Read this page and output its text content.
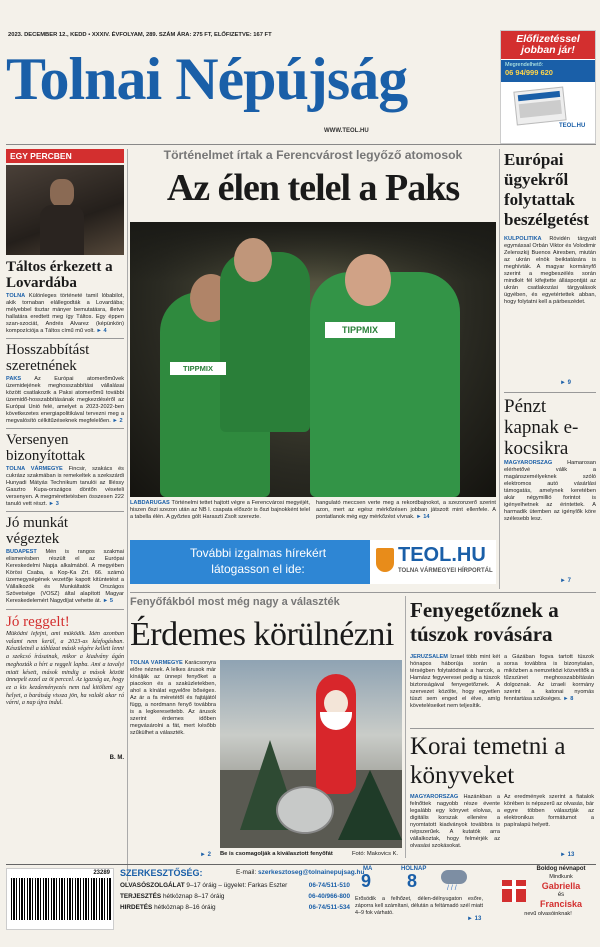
2023. DECEMBER 12., KEDD • XXXIV. ÉVFOLYAM, 289. SZÁM ÁRA: 275 FT, ELŐFIZETVE: 167 FT
Tolnai Népújság
WWW.TEOL.HU
Előfizetéssel
jobban jár!
Megrendelhető:
06 94/999 620
TEOL.HU
EGY PERCBEN
Táltos érkezett a Lovardába
TOLNA Különleges történeté tamil lóbabilot, akik tornaban elállegodták a Lovardába; mélyebbel tisztar mányer bemutatásra, illetve hallatára eredtett meg így Táltos. Egy éppen szan-szociát, Andrés Alvarez (képünkön) kompozíciója a Táltos című mű volt. ► 4
Hosszabbítást szeretnének
PAKS Az Európai atomerőművek üzemidejének meghosszabbítási vállalásai között csatlakozik a Paksi atomerőmű további üzemidő-hosszabbításának megkezdéséről az Európai Unió felé, amelyet a 2023-2022-ben következetes energiapolitikával tervezni meg a megvalósító célkitűzéseknek megfelelően. ► 2
Versenyen bizonyítottak
TOLNA VÁRMEGYE Fincsir, szakács és cukrász szakmában is remekeltek a szekszárdi Hunyadi Mátyás Technikum tanulói az Illéssy Gasztro Kupa-országos döntőn véseteli versenyen. A megmérettetésben összesen 222 tanuló vett részt. ► 3
Jó munkát végeztek
BUDAPEST Mén is rangos szakmai elismerésben részült el az Európai Kereskedelmi Napja alkalmából. A megyében Körösi Csaba, a Kop-Ka Zrt. 66. számú üzemegységének vezetője kapott kitüntetést a Vállalkozók és Munkáltatók Országos Szövetsége (VOSZ) által alapított Magyar Kereskedelemért Nagydíjat vehette át. ► 5
Jó reggelt!
Működni lefejni, ami működik. Idén azonban valami nem kerül, a 2023-as kézfogásban. Készületnél a táblázat másik végére kellett lenni a szekcsó írásainak, mikor a kiadvány ágán meghozták a hírt a reggeli lapba. Ami a tavalyi miatt késett, mások mindig a mások között ünnepelt ezzel az öt perccel. Az igazság az, hogy ez a kis kezdeményezés nem tud kitölteni egy helyet, a barátság vissza jön, ha valaki akar rá várni, a nap újra indul.
B. M.
Történelmet írtak a Ferencvárost legyőző atomosok
Az élen telel a Paks
TIPPMIX
TIPPMIX
LABDARÚGÁS Történelmi tettet hajtott végre a Ferencvárosi megyéjét, hiszen őszi szezon után az NB I. csapata először is őszi bajnokként telel a tabella élén. A győztes gólt Haraszti Zsolt szerezte.
hangulató meccsen verte meg a rekordbajnokot, a szezonzerő szerint azon, mert az egész mérkőzésen jobban játszott mint ellenfele. A pontatlanok még egy mérkőzést vívnak. ► 14
További izgalmas hírekért
látogasson el ide:
TEOL.HU
TOLNA VÁRMEGYEI HÍRPORTÁL
Európai ügyekről folytattak beszélgetést
KÜLPOLITIKA Rövidén tárgyalt egymással Orbán Viktor és Volodimir Zelenszkij Buenos Airesben, miután az ukrán elnök beiktatására is meghívták. A magyar kormányfő szerint a megbeszélés során mindkét fél kifejtette álláspontját az ukrán csatlakozási tárgyalások ügyében, és egyetértettek abban, hogy folytatni kell a párbeszédet.
► 9
Pénzt kapnak e-kocsikra
MAGYARORSZÁG	Hamarosan elérhetővé válik a magánszemélyeknek szóló elektromos autó vásárlási támogatás, amelynek keretében akár négymillió forintot is igényelhetnek az érintettek. A harmadik ütemben az igénylők köre szélesebb lesz.
► 7
Fenyőfákból most még nagy a választék
Érdemes körülnézni
TOLNA VÁRMEGYE Karácsonyra előre néznek. A lelkes árusok már kínálják az ünnepi fenyőket a piacokon és a szaküzletekben, ahol a kínálat egyelőre bőséges. Az ár a fa méretétől és fajtájától függ, a nordmann fenyő továbbra is a legkeresettebb. Az árusok szerint érdemes időben megvásárolni a fát, mert később szűkülhet a választék.
► 2 Be is csomagolják a kiválasztott fenyőfát	Fotó: Makovics K.
Fenyegetőznek a túszok rovására
JERUZSÁLEM Izrael több mint két hónapos háborúja során a térségben folytatódnak a harcok, a Hamász fegyveresei pedig a túszok biztonságával fenyegetőznek. A szervezet közölte, hogy egyetlen túszt sem enged el élve, amíg követeléseiket nem teljesítik.
a Gázában fogva tartott túszok sorsa továbbra is bizonytalan, miközben a nemzetközi közvetítők a tűzszünet meghosszabbításán dolgoznak. Az izraeli kormány szerint a katonai nyomás fenntartása szükséges. ► 8
Korai temetni a könyveket
MAGYARORSZÁG Hazánkban a felnőttek nagyobb része évente legalább egy könyvet elolvas, a digitális korszak ellenére a nyomtatott kiadványok továbbra is népszerűek. A kutatók arra vállalkoztak, hogy felmérjék az olvasási szokásokat.
Az eredmények szerint a fiatalok körében is népszerű az olvasás, bár egyre többen választják az elektronikus formátumot a papíralapú helyett.
► 13
23289 SZERKESZTŐSÉG:	E-mail: szerkesztoseg@tolnainepujsag.hu
OLVASÓSZOLGÁLAT 9–17 óráig – ügyelet: Farkas Eszter	06-74/511-510
TERJESZTÉS hétköznap 8–17 óráig	06-40/966-800
HIRDETÉS hétköznap 8–16 óráig	06-74/511-534
MA
9
HOLNAP
8	/ / /
Erősödik a felhőzet, délen-délnyugaton esőre, záporra kell számítani, délután a feltámadó szél miatt 4–9 fok várható.
► 13
Boldog névnapot
Mindkunk
Gabriella
és
Franciska
nevű olvasóinknak!
